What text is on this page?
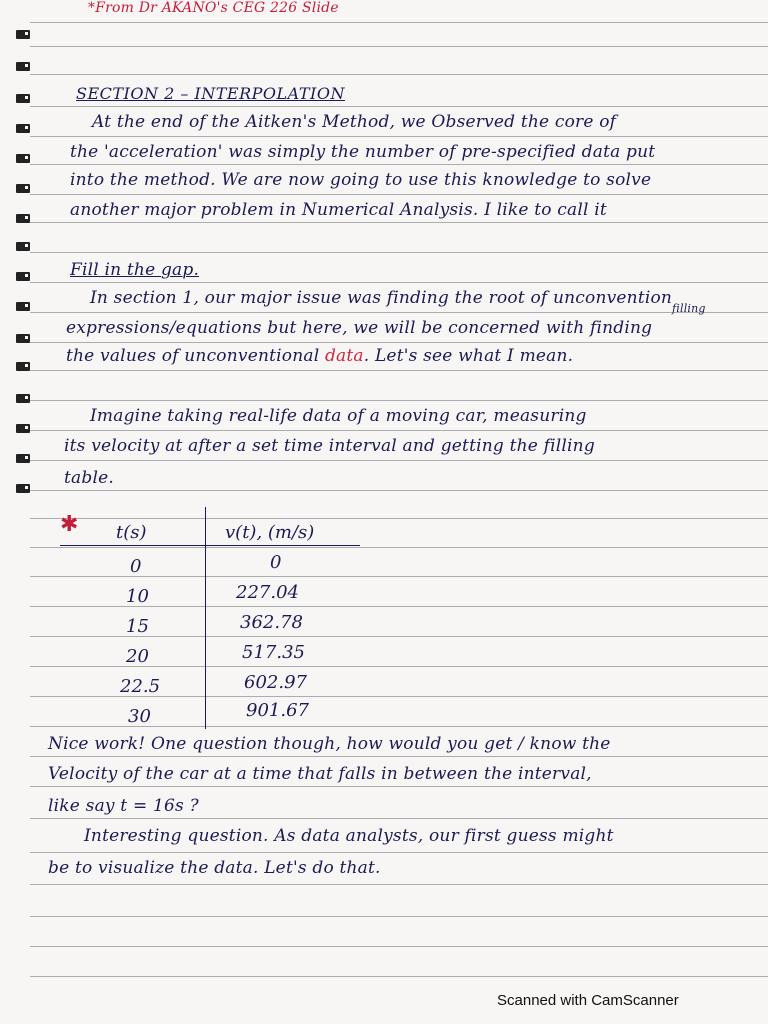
*From Dr AKANO's CEG 226 Slide

SECTION 2 – INTERPOLATION

At the end of the Aitken's Method, we Observed the core of

the 'acceleration' was simply the number of pre-specified data put

into the method. We are now going to use this knowledge to solve

another major problem in Numerical Analysis. I like to call it

Fill in the gap.

In section 1, our major issue was finding the root of unconvention

filling

expressions/equations but here, we will be concerned with finding

the values of unconventional data. Let's see what I mean.

Imagine taking real-life data of a moving car, measuring

its velocity at after a set time interval and getting the filling

table.

✱ t(s)	v(t), (m/s)
0	0
10	227.04
15	362.78
20	517.35
22.5	602.97
30	901.67

Nice work! One question though, how would you get / know the

Velocity of the car at a time that falls in between the interval,

like say t = 16s ?

Interesting question. As data analysts, our first guess might

be to visualize the data. Let's do that.

Scanned with CamScanner
